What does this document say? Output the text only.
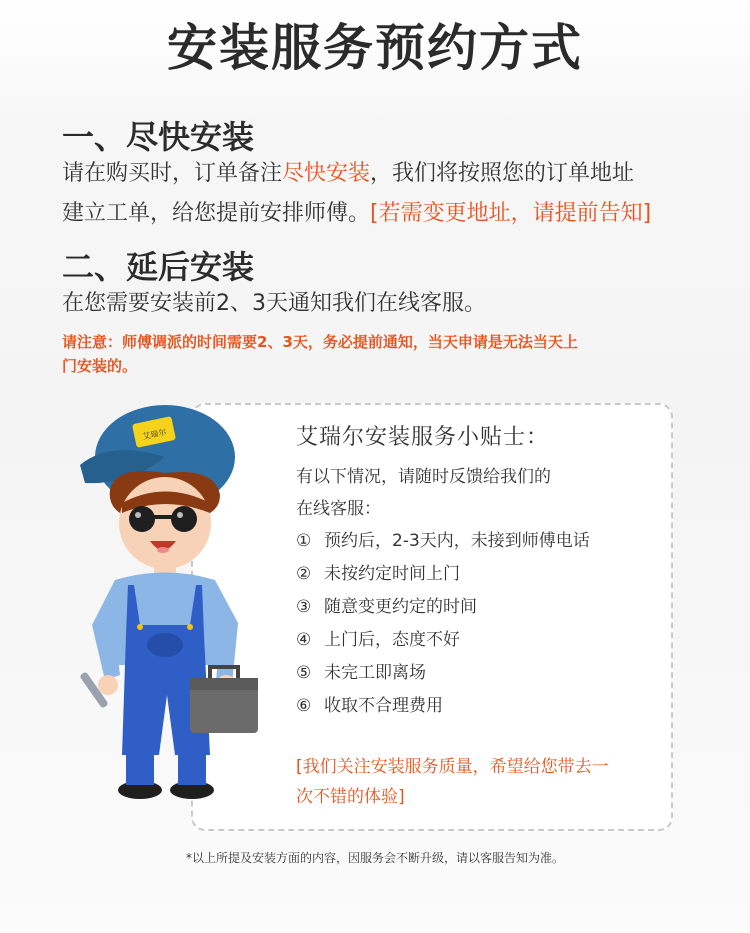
安装服务预约方式
一、尽快安装
请在购买时，订单备注尽快安装，我们将按照您的订单地址
建立工单，给您提前安排师傅。[若需变更地址，请提前告知]
二、延后安装
在您需要安装前2、3天通知我们在线客服。
请注意：师傅调派的时间需要2、3天，务必提前通知，当天申请是无法当天上
门安装的。
艾瑞尔安装服务小贴士：
有以下情况，请随时反馈给我们的
在线客服：
① 预约后，2-3天内，未接到师傅电话
② 未按约定时间上门
③ 随意变更约定的时间
④ 上门后，态度不好
⑤ 未完工即离场
⑥ 收取不合理费用
[我们关注安装服务质量，希望给您带去一
次不错的体验]
艾瑞尔
*以上所提及安装方面的内容，因服务会不断升级，请以客服告知为准。
